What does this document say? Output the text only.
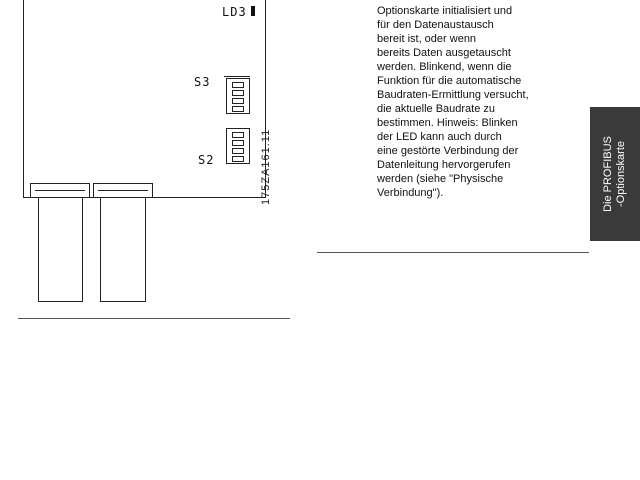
LD3
S3
S2	175ZA161.11

Optionskarte initialisiert und
für den Datenaustausch
bereit ist, oder wenn
bereits Daten ausgetauscht
werden. Blinkend, wenn die
Funktion für die automatische
Baudraten-Ermittlung versucht,
die aktuelle Baudrate zu
bestimmen. Hinweis: Blinken
der LED kann auch durch
eine gestörte Verbindung der
Datenleitung hervorgerufen
werden (siehe "Physische
Verbindung").	Die PROFIBUS -Optionskarte
